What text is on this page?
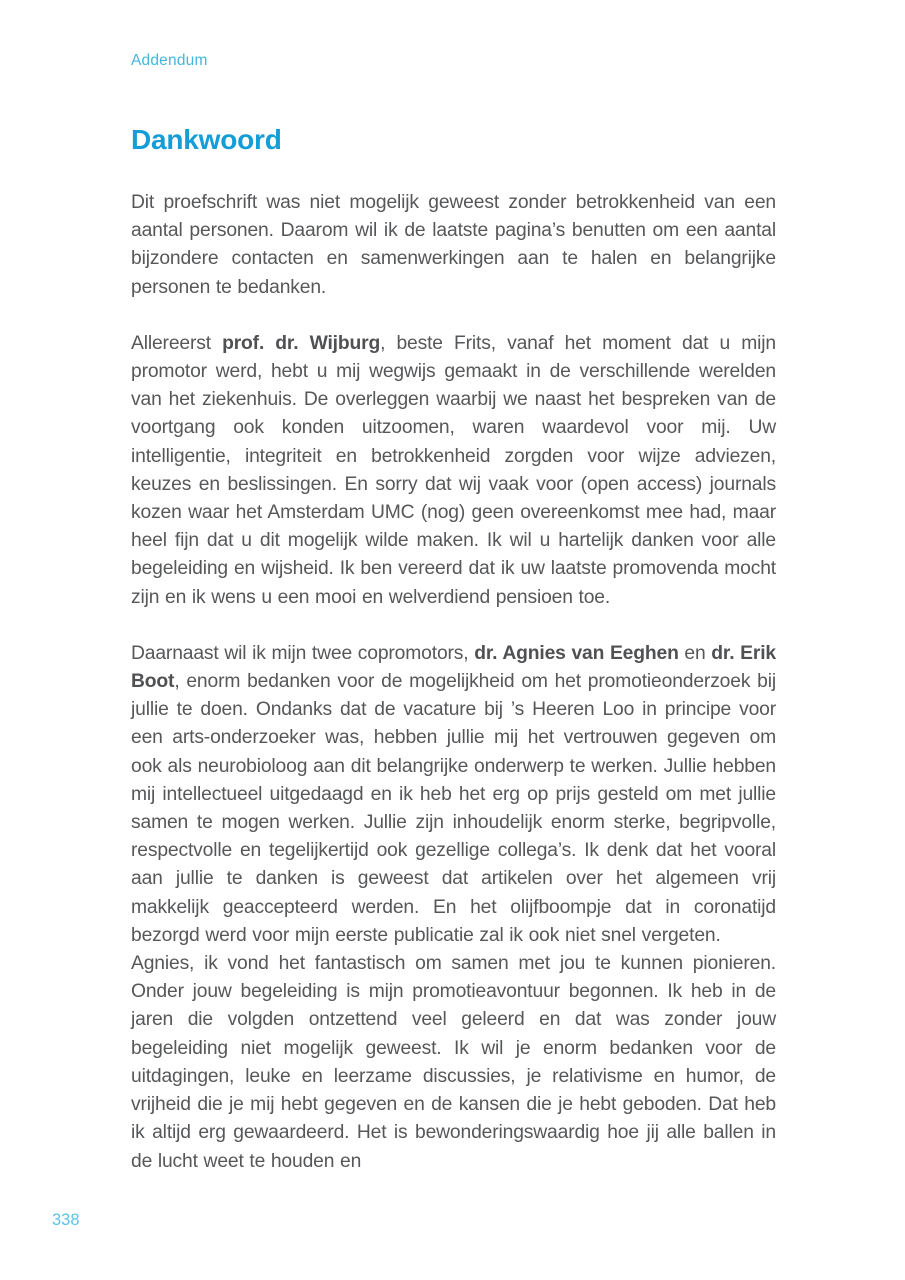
Addendum
Dankwoord

Dit proefschrift was niet mogelijk geweest zonder betrokkenheid van een aantal personen. Daarom wil ik de laatste pagina’s benutten om een aantal bijzondere contacten en samenwerkingen aan te halen en belangrijke personen te bedanken.

Allereerst prof. dr. Wijburg, beste Frits, vanaf het moment dat u mijn promotor werd, hebt u mij wegwijs gemaakt in de verschillende werelden van het ziekenhuis. De overleggen waarbij we naast het bespreken van de voortgang ook konden uitzoomen, waren waardevol voor mij. Uw intelligentie, integriteit en betrokkenheid zorgden voor wijze adviezen, keuzes en beslissingen. En sorry dat wij vaak voor (open access) journals kozen waar het Amsterdam UMC (nog) geen overeenkomst mee had, maar heel fijn dat u dit mogelijk wilde maken. Ik wil u hartelijk danken voor alle begeleiding en wijsheid. Ik ben vereerd dat ik uw laatste promovenda mocht zijn en ik wens u een mooi en welverdiend pensioen toe.

Daarnaast wil ik mijn twee copromotors, dr. Agnies van Eeghen en dr. Erik Boot, enorm bedanken voor de mogelijkheid om het promotieonderzoek bij jullie te doen. Ondanks dat de vacature bij ’s Heeren Loo in principe voor een arts-onderzoeker was, hebben jullie mij het vertrouwen gegeven om ook als neurobioloog aan dit belangrijke onderwerp te werken. Jullie hebben mij intellectueel uitgedaagd en ik heb het erg op prijs gesteld om met jullie samen te mogen werken. Jullie zijn inhoudelijk enorm sterke, begripvolle, respectvolle en tegelijkertijd ook gezellige collega’s. Ik denk dat het vooral aan jullie te danken is geweest dat artikelen over het algemeen vrij makkelijk geaccepteerd werden. En het olijfboompje dat in coronatijd bezorgd werd voor mijn eerste publicatie zal ik ook niet snel vergeten.

Agnies, ik vond het fantastisch om samen met jou te kunnen pionieren. Onder jouw begeleiding is mijn promotieavontuur begonnen. Ik heb in de jaren die volgden ontzettend veel geleerd en dat was zonder jouw begeleiding niet mogelijk geweest. Ik wil je enorm bedanken voor de uitdagingen, leuke en leerzame discussies, je relativisme en humor, de vrijheid die je mij hebt gegeven en de kansen die je hebt geboden. Dat heb ik altijd erg gewaardeerd. Het is bewonderingswaardig hoe jij alle ballen in de lucht weet te houden en

338
